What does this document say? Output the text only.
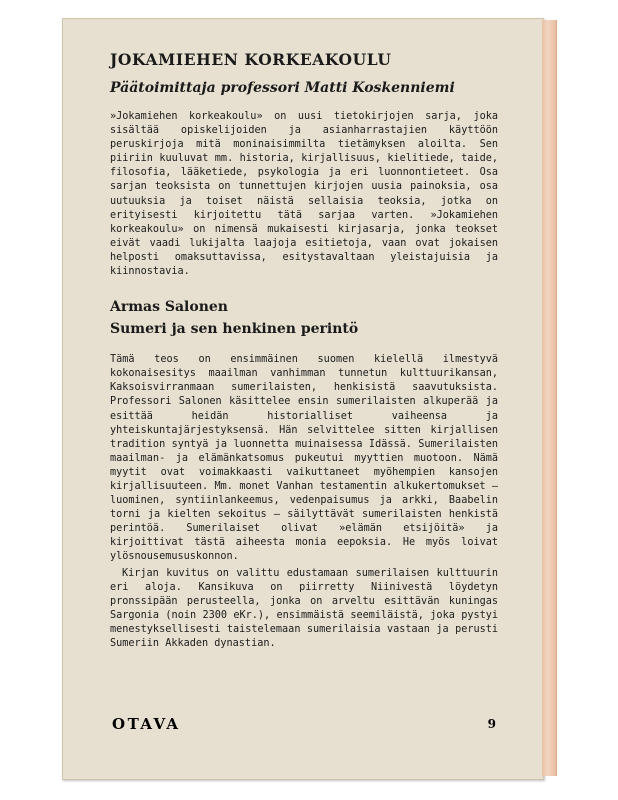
JOKAMIEHEN KORKEAKOULU
Päätoimittaja professori Matti Koskenniemi

»Jokamiehen korkeakoulu» on uusi tietokirjojen sarja, joka sisältää opiskelijoiden ja asianharrastajien käyttöön peruskirjoja mitä moninaisimmilta tietämyksen aloilta. Sen piiriin kuuluvat mm. historia, kirjallisuus, kielitiede, taide, filosofia, lääketiede, psykologia ja eri luonnontieteet. Osa sarjan teoksista on tunnettujen kirjojen uusia painoksia, osa uutuuksia ja toiset näistä sellaisia teoksia, jotka on erityisesti kirjoitettu tätä sarjaa varten. »Jokamiehen korkeakoulu» on nimensä mukaisesti kirjasarja, jonka teokset eivät vaadi lukijalta laajoja esitietoja, vaan ovat jokaisen helposti omaksuttavissa, esitystavaltaan yleistajuisia ja kiinnostavia.

Armas Salonen
Sumeri ja sen henkinen perintö

Tämä teos on ensimmäinen suomen kielellä ilmestyvä kokonaisesitys maailman vanhimman tunnetun kulttuurikansan, Kaksoisvirranmaan sumerilaisten, henkisistä saavutuksista. Professori Salonen käsittelee ensin sumerilaisten alkuperää ja esittää heidän historialliset vaiheensa ja yhteiskuntajärjestyksensä. Hän selvittelee sitten kirjallisen tradition syntyä ja luonnetta muinaisessa Idässä. Sumerilaisten maailman- ja elämänkatsomus pukeutui myyttien muotoon. Nämä myytit ovat voimakkaasti vaikuttaneet myöhempien kansojen kirjallisuuteen. Mm. monet Vanhan testamentin alkukertomukset — luominen, syntiinlankeemus, vedenpaisumus ja arkki, Baabelin torni ja kielten sekoitus — säilyttävät sumerilaisten henkistä perintöä. Sumerilaiset olivat »elämän etsijöitä» ja kirjoittivat tästä aiheesta monia eepoksia. He myös loivat ylösnousemususkonnon.

Kirjan kuvitus on valittu edustamaan sumerilaisen kulttuurin eri aloja. Kansikuva on piirretty Niinivestä löydetyn pronssipään perusteella, jonka on arveltu esittävän kuningas Sargonia (noin 2300 eKr.), ensimmäistä seemiläistä, joka pystyi menestyksellisesti taistelemaan sumerilaisia vastaan ja perusti Sumeriin Akkaden dynastian.

OTAVA	9
